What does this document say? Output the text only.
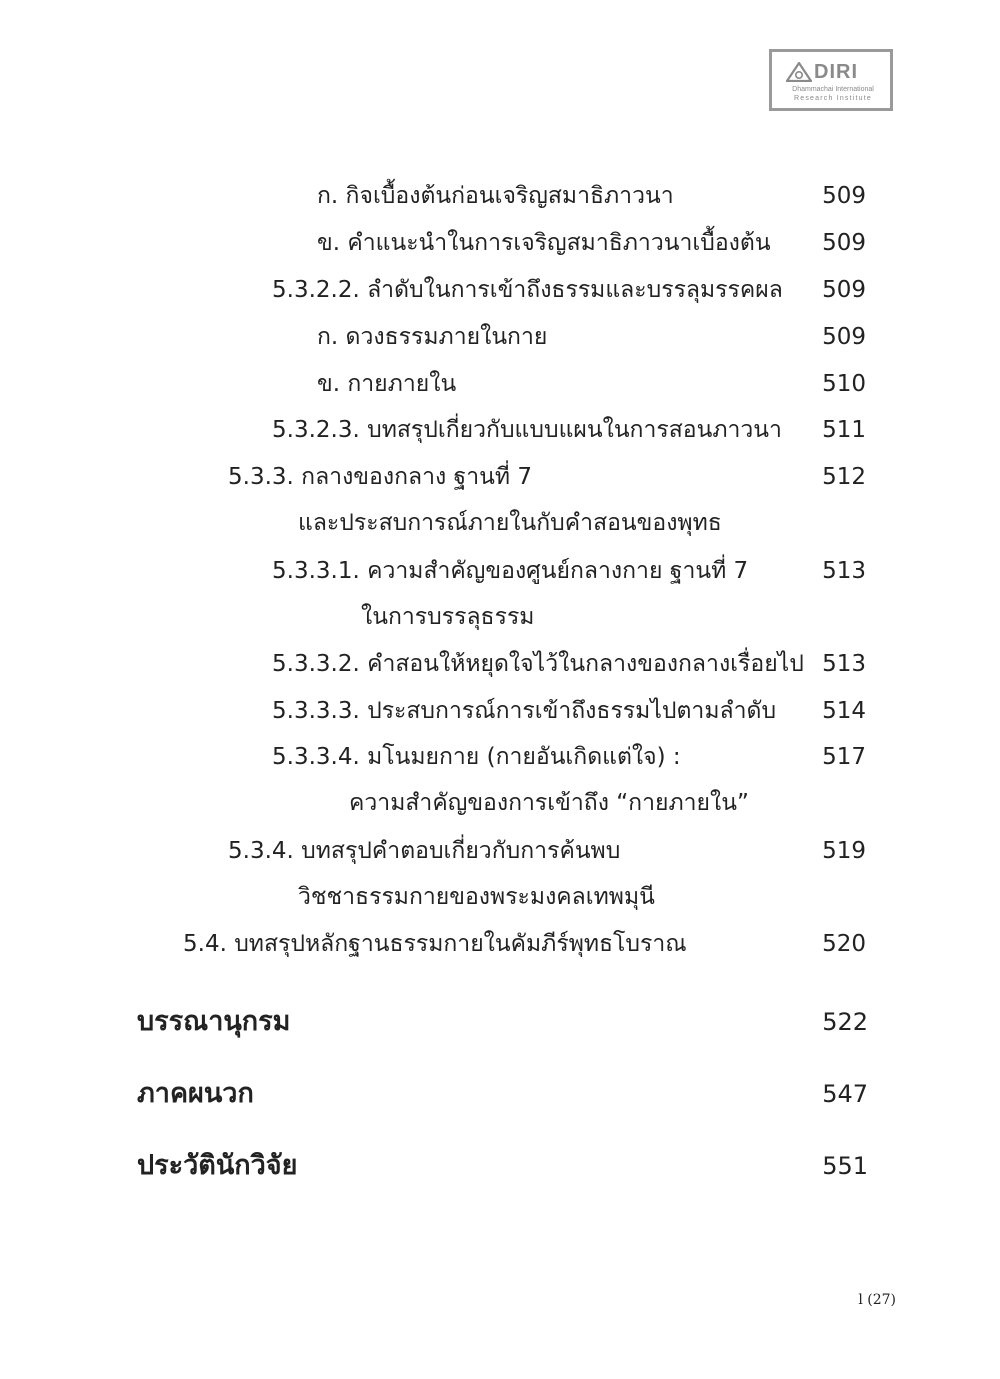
DIRI
Dhammachai International
Research Institute
ก. กิจเบื้องต้นก่อนเจริญสมาธิภาวนา	509
ข. คำแนะนำในการเจริญสมาธิภาวนาเบื้องต้น 509
5.3.2.2. ลำดับในการเข้าถึงธรรมและบรรลุมรรคผล 509
ก. ดวงธรรมภายในกาย	509
ข. กายภายใน	510
5.3.2.3. บทสรุปเกี่ยวกับแบบแผนในการสอนภาวนา 511
5.3.3. กลางของกลาง ฐานที่ 7
และประสบการณ์ภายในกับคำสอนของพุทธ
512
5.3.3.1. ความสำคัญของศูนย์กลางกาย ฐานที่ 7
ในการบรรลุธรรม
513
5.3.3.2. คำสอนให้หยุดใจไว้ในกลางของกลางเรื่อยไป 513
5.3.3.3. ประสบการณ์การเข้าถึงธรรมไปตามลำดับ 514
5.3.3.4. มโนมยกาย (กายอันเกิดแต่ใจ) :
ความสำคัญของการเข้าถึง “กายภายใน”
517
5.3.4. บทสรุปคำตอบเกี่ยวกับการค้นพบ
วิชชาธรรมกายของพระมงคลเทพมุนี
519
5.4. บทสรุปหลักฐานธรรมกายในคัมภีร์พุทธโบราณ	520
บรรณานุกรม	522
ภาคผนวก	547
ประวัตินักวิจัย	551
l (27)
